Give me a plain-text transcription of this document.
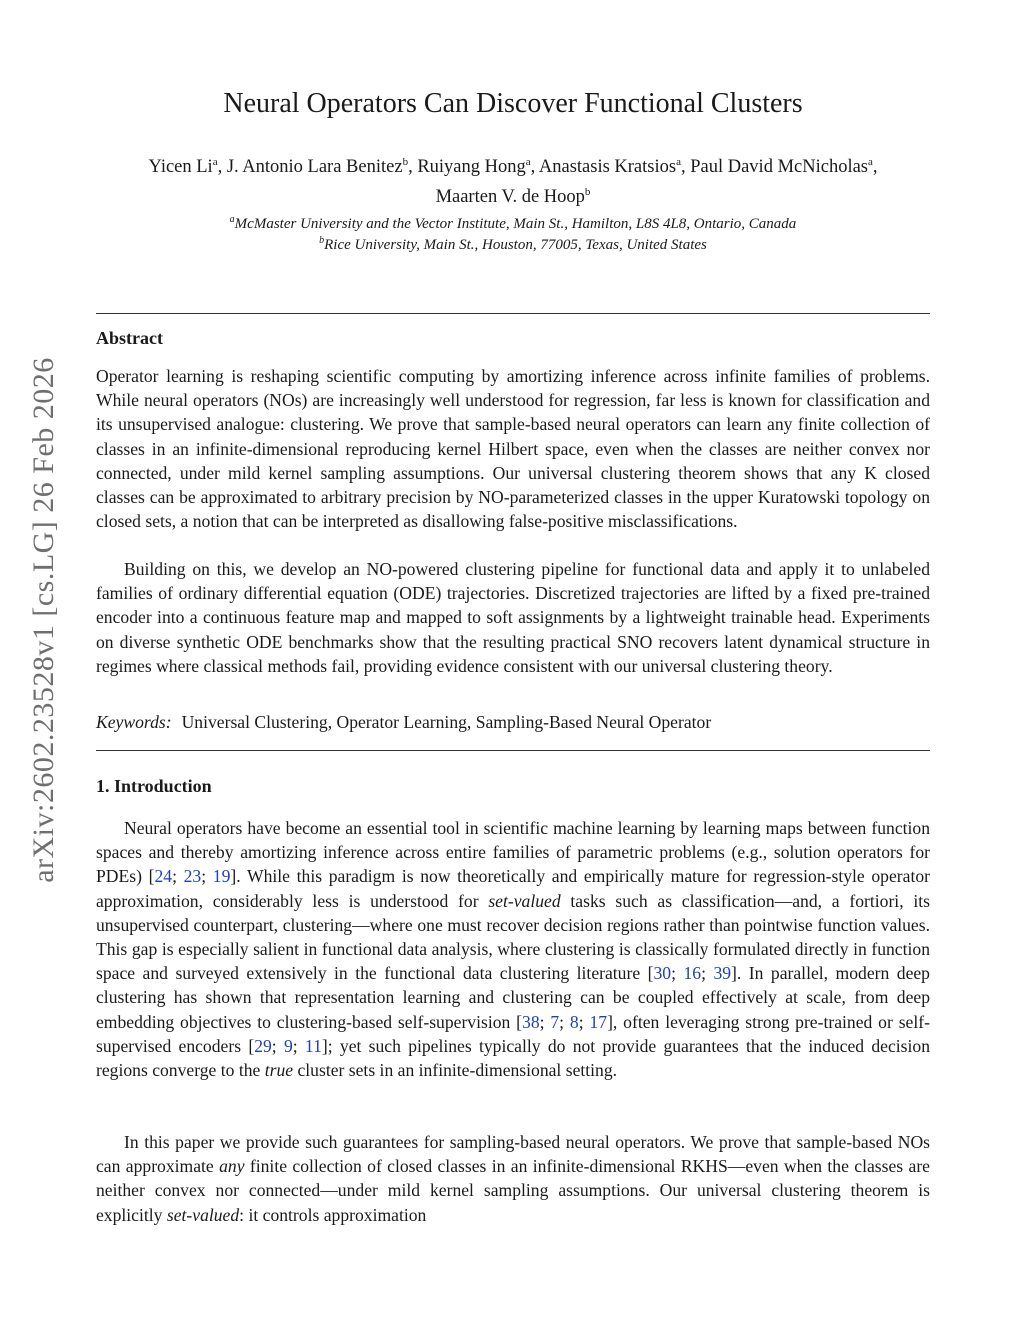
arXiv:2602.23528v1 [cs.LG] 26 Feb 2026
Neural Operators Can Discover Functional Clusters
Yicen Li$^a$, J. Antonio Lara Benitez$^b$, Ruiyang Hong$^a$, Anastasis Kratsios$^a$, Paul David McNicholas$^a$, Maarten V. de Hoop$^b$
$^a$McMaster University and the Vector Institute, Main St., Hamilton, L8S 4L8, Ontario, Canada
$^b$Rice University, Main St., Houston, 77005, Texas, United States
Abstract
Operator learning is reshaping scientific computing by amortizing inference across infinite families of problems. While neural operators (NOs) are increasingly well understood for regression, far less is known for classification and its unsupervised analogue: clustering. We prove that sample-based neural operators can learn any finite collection of classes in an infinite-dimensional reproducing kernel Hilbert space, even when the classes are neither convex nor connected, under mild kernel sampling assumptions. Our universal clustering theorem shows that any K closed classes can be approximated to arbitrary precision by NO-parameterized classes in the upper Kuratowski topology on closed sets, a notion that can be interpreted as disallowing false-positive misclassifications.
Building on this, we develop an NO-powered clustering pipeline for functional data and apply it to unlabeled families of ordinary differential equation (ODE) trajectories. Discretized trajectories are lifted by a fixed pre-trained encoder into a continuous feature map and mapped to soft assignments by a lightweight trainable head. Experiments on diverse synthetic ODE benchmarks show that the resulting practical SNO recovers latent dynamical structure in regimes where classical methods fail, providing evidence consistent with our universal clustering theory.
Keywords: Universal Clustering, Operator Learning, Sampling-Based Neural Operator
1. Introduction
Neural operators have become an essential tool in scientific machine learning by learning maps between function spaces and thereby amortizing inference across entire families of parametric problems (e.g., solution operators for PDEs) [24; 23; 19]. While this paradigm is now theoretically and empirically mature for regression-style operator approximation, considerably less is understood for set-valued tasks such as classification—and, a fortiori, its unsupervised counterpart, clustering—where one must recover decision regions rather than pointwise function values. This gap is especially salient in functional data analysis, where clustering is classically formulated directly in function space and surveyed extensively in the functional data clustering literature [30; 16; 39]. In parallel, modern deep clustering has shown that representation learning and clustering can be coupled effectively at scale, from deep embedding objectives to clustering-based self-supervision [38; 7; 8; 17], often leveraging strong pre-trained or self-supervised encoders [29; 9; 11]; yet such pipelines typically do not provide guarantees that the induced decision regions converge to the true cluster sets in an infinite-dimensional setting.
In this paper we provide such guarantees for sampling-based neural operators. We prove that sample-based NOs can approximate any finite collection of closed classes in an infinite-dimensional RKHS—even when the classes are neither convex nor connected—under mild kernel sampling assumptions. Our universal clustering theorem is explicitly set-valued: it controls approximation
